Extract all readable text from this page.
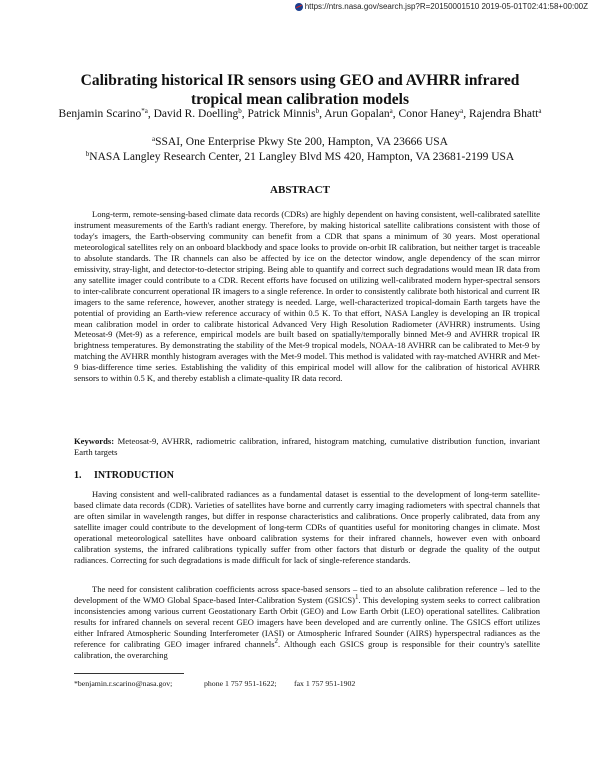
https://ntrs.nasa.gov/search.jsp?R=20150001510 2019-05-01T02:41:58+00:00Z
Calibrating historical IR sensors using GEO and AVHRR infrared
tropical mean calibration models
Benjamin Scarino$^{*a}$, David R. Doelling$^b$, Patrick Minnis$^b$, Arun Gopalan$^a$, Conor Haney$^a$, Rajendra Bhatt$^a$
$^a$SSAI, One Enterprise Pkwy Ste 200, Hampton, VA 23666 USA
$^b$NASA Langley Research Center, 21 Langley Blvd MS 420, Hampton, VA 23681-2199 USA
ABSTRACT

Long-term, remote-sensing-based climate data records (CDRs) are highly dependent on having consistent, well-calibrated satellite instrument measurements of the Earth's radiant energy. Therefore, by making historical satellite calibrations consistent with those of today's imagers, the Earth-observing community can benefit from a CDR that spans a minimum of 30 years. Most operational meteorological satellites rely on an onboard blackbody and space looks to provide on-orbit IR calibration, but neither target is traceable to absolute standards. The IR channels can also be affected by ice on the detector window, angle dependency of the scan mirror emissivity, stray-light, and detector-to-detector striping. Being able to quantify and correct such degradations would mean IR data from any satellite imager could contribute to a CDR. Recent efforts have focused on utilizing well-calibrated modern hyper-spectral sensors to inter-calibrate concurrent operational IR imagers to a single reference. In order to consistently calibrate both historical and current IR imagers to the same reference, however, another strategy is needed. Large, well-characterized tropical-domain Earth targets have the potential of providing an Earth-view reference accuracy of within 0.5 K. To that effort, NASA Langley is developing an IR tropical mean calibration model in order to calibrate historical Advanced Very High Resolution Radiometer (AVHRR) instruments. Using Meteosat-9 (Met-9) as a reference, empirical models are built based on spatially/temporally binned Met-9 and AVHRR tropical IR brightness temperatures. By demonstrating the stability of the Met-9 tropical models, NOAA-18 AVHRR can be calibrated to Met-9 by matching the AVHRR monthly histogram averages with the Met-9 model. This method is validated with ray-matched AVHRR and Met-9 bias-difference time series. Establishing the validity of this empirical model will allow for the calibration of historical AVHRR sensors to within 0.5 K, and thereby establish a climate-quality IR data record.

Keywords: Meteosat-9, AVHRR, radiometric calibration, infrared, histogram matching, cumulative distribution function, invariant Earth targets

1. INTRODUCTION

Having consistent and well-calibrated radiances as a fundamental dataset is essential to the development of long-term satellite-based climate data records (CDR). Varieties of satellites have borne and currently carry imaging radiometers with spectral channels that are often similar in wavelength ranges, but differ in response characteristics and calibrations. Once properly calibrated, data from any satellite imager could contribute to the development of long-term CDRs of quantities useful for monitoring changes in climate. Most operational meteorological satellites have onboard calibration systems for their infrared channels, however even with onboard calibration systems, the infrared calibrations typically suffer from other factors that disturb or degrade the quality of the output radiances. Correcting for such degradations is made difficult for lack of single-reference standards.

The need for consistent calibration coefficients across space-based sensors – tied to an absolute calibration reference – led to the development of the WMO Global Space-based Inter-Calibration System (GSICS)$^1$. This developing system seeks to correct calibration inconsistencies among various current Geostationary Earth Orbit (GEO) and Low Earth Orbit (LEO) operational satellites. Calibration results for infrared channels on several recent GEO imagers have been developed and are currently online. The GSICS effort utilizes either Infrared Atmospheric Sounding Interferometer (IASI) or Atmospheric Infrared Sounder (AIRS) hyperspectral radiances as the reference for calibrating GEO imager infrared channels$^2$. Although each GSICS group is responsible for their country's satellite calibration, the overarching

*benjamin.r.scarino@nasa.gov;	phone 1 757 951-1622;	fax 1 757 951-1902
